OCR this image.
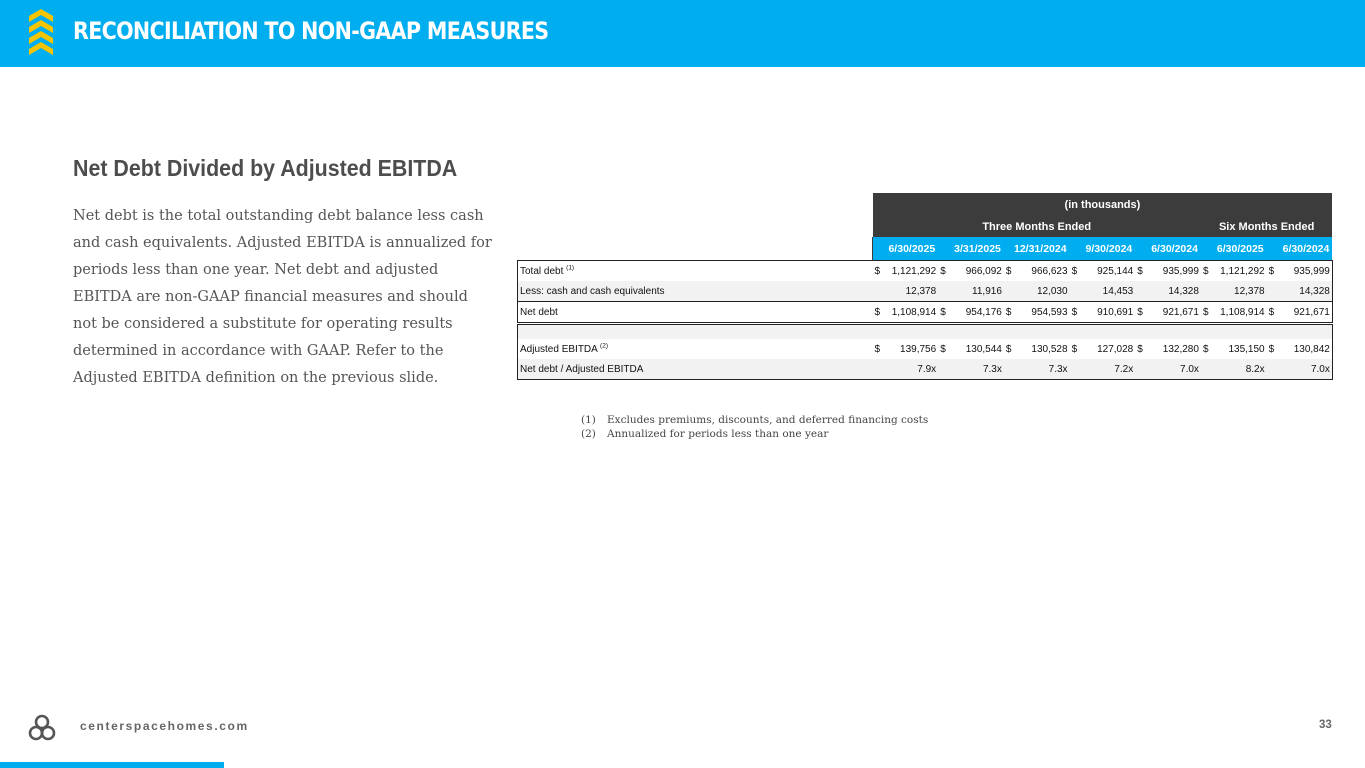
RECONCILIATION TO NON-GAAP MEASURES
Net Debt Divided by Adjusted EBITDA

Net debt is the total outstanding debt balance less cash
and cash equivalents. Adjusted EBITDA is annualized for
periods less than one year. Net debt and adjusted
EBITDA are non-GAAP financial measures and should
not be considered a substitute for operating results
determined in accordance with GAAP. Refer to the
Adjusted EBITDA definition on the previous slide.

	(in thousands)						
	Three Months Ended					Six Months Ended	
	6/30/2025	3/31/2025	12/31/2024	9/30/2024	6/30/2024	6/30/2025	6/30/2024
Total debt $^{(1)}$	$ 1,121,292	$ 966,092	$ 966,623	$ 925,144	$ 935,999	$ 1,121,292	$ 935,999

Less: cash and cash equivalents	12,378	11,916	12,030	14,453	14,328	12,378	14,328

Net debt	$ 1,108,914	$ 954,176	$ 954,593	$ 910,691	$ 921,671	$ 1,108,914	$ 921,671

Adjusted EBITDA $^{(2)}$	$ 139,756	$ 130,544	$ 130,528	$ 127,028	$ 132,280	$ 135,150	$ 130,842

Net debt / Adjusted EBITDA	7.9x	7.3x	7.3x	7.2x	7.0x	8.2x	7.0x
(1)	Excludes premiums, discounts, and deferred financing costs
(2)	Annualized for periods less than one year
centerspacehomes.com	33
